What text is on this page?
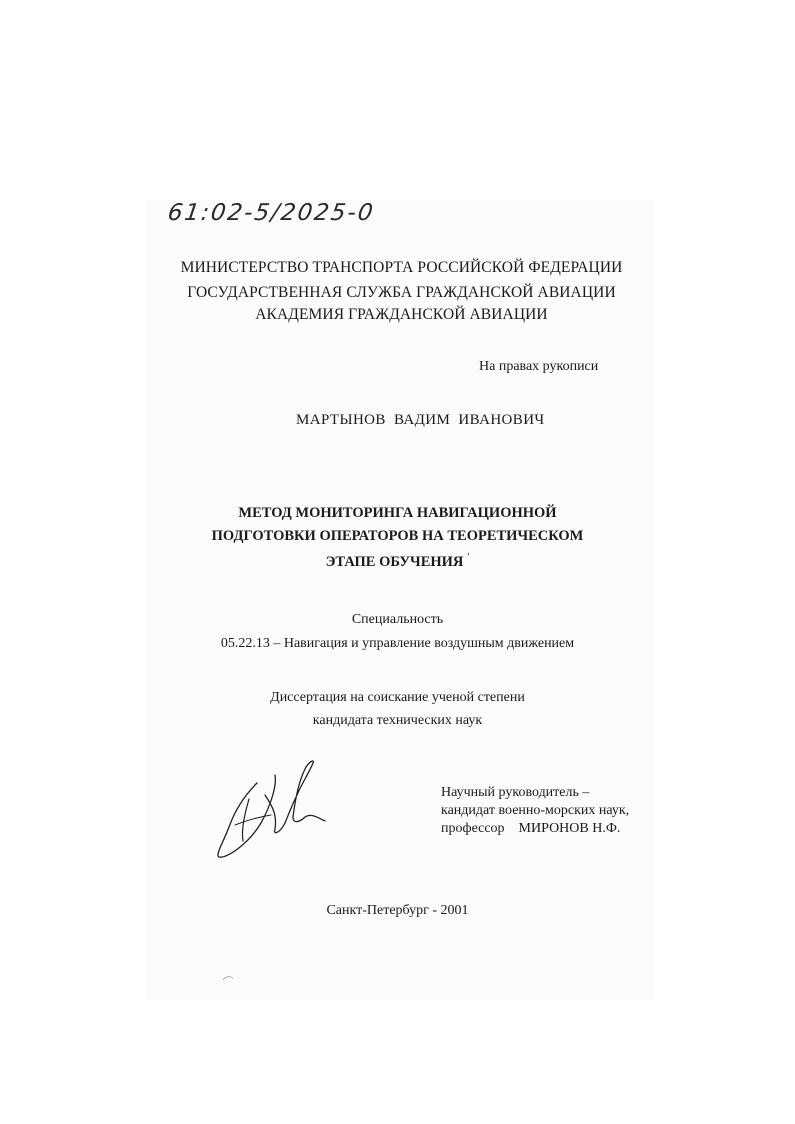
61:02-5/2025-0
МИНИСТЕРСТВО ТРАНСПОРТА РОССИЙСКОЙ ФЕДЕРАЦИИ
ГОСУДАРСТВЕННАЯ СЛУЖБА ГРАЖДАНСКОЙ АВИАЦИИ
АКАДЕМИЯ ГРАЖДАНСКОЙ АВИАЦИИ
На правах рукописи
МАРТЫНОВ ВАДИМ ИВАНОВИЧ
МЕТОД МОНИТОРИНГА НАВИГАЦИОННОЙ
ПОДГОТОВКИ ОПЕРАТОРОВ НА ТЕОРЕТИЧЕСКОМ
ЭТАПЕ ОБУЧЕНИЯ '
Специальность
05.22.13 – Навигация и управление воздушным движением
Диссертация на соискание ученой степени
кандидата технических наук
Научный руководитель –
кандидат военно-морских наук,
профессор    МИРОНОВ Н.Ф.
Санкт-Петербург - 2001
